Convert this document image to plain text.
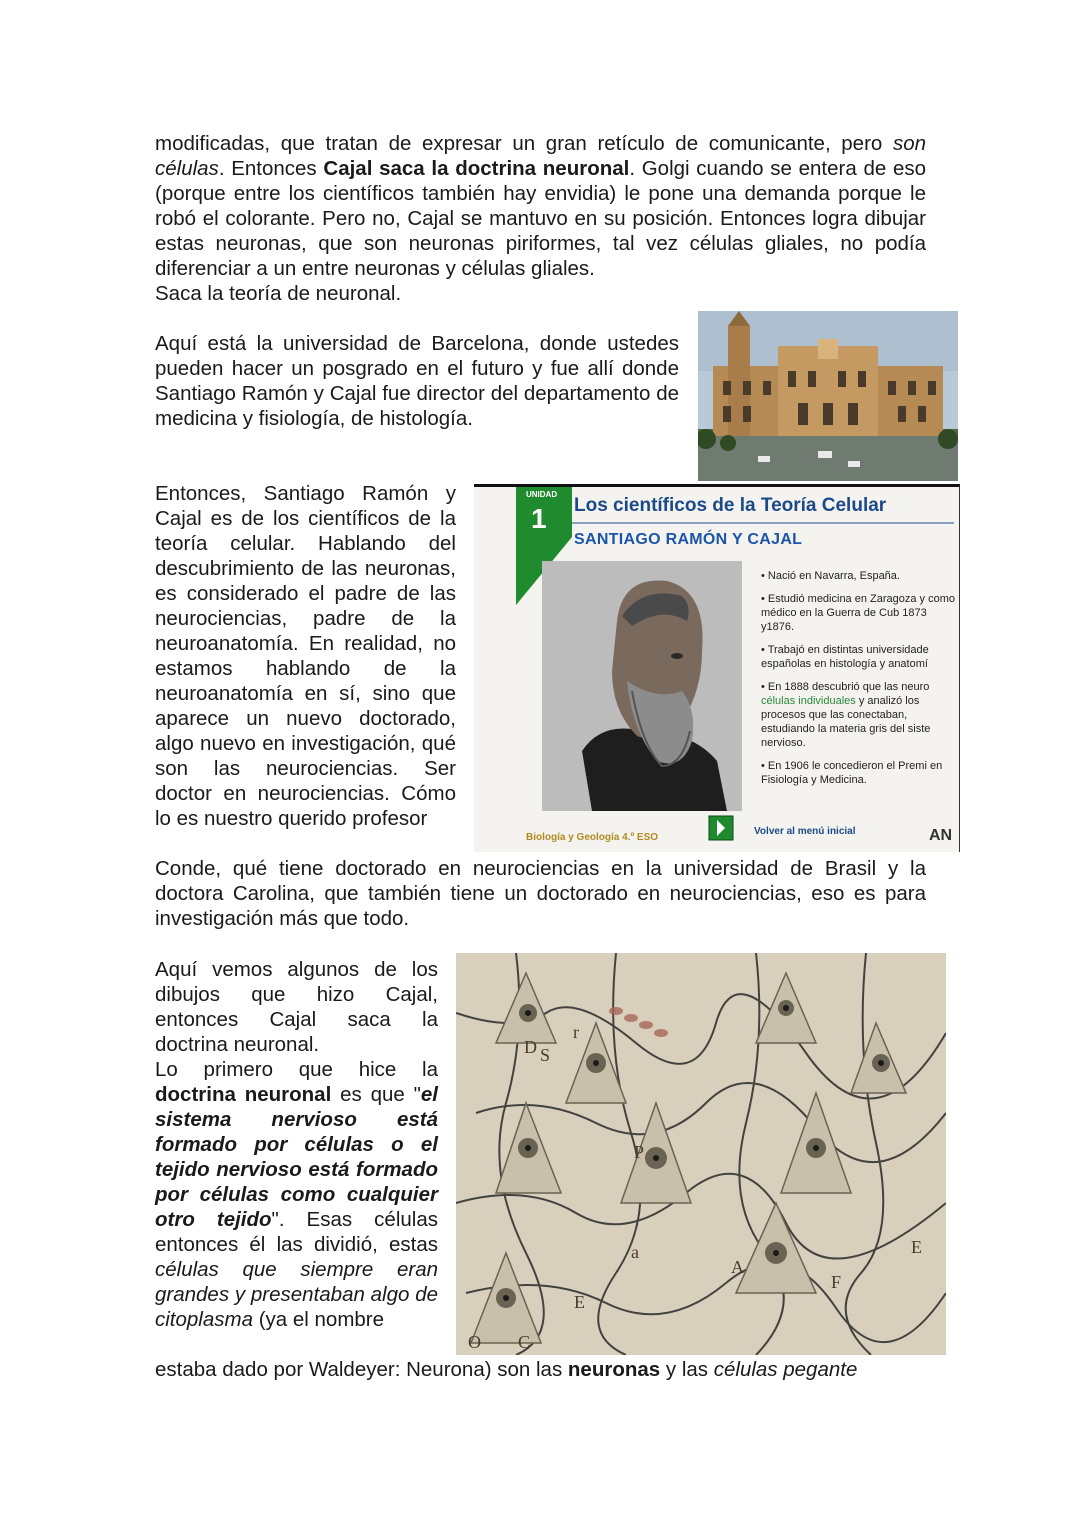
modificadas, que tratan de expresar un gran retículo de comunicante, pero son células. Entonces Cajal saca la doctrina neuronal. Golgi cuando se entera de eso (porque entre los científicos también hay envidia) le pone una demanda porque le robó el colorante. Pero no, Cajal se mantuvo en su posición. Entonces logra dibujar estas neuronas, que son neuronas piriformes, tal vez células gliales, no podía diferenciar a un entre neuronas y células gliales.
Saca la teoría de neuronal.

Aquí está la universidad de Barcelona, donde ustedes pueden hacer un posgrado en el futuro y fue allí donde Santiago Ramón y Cajal fue director del departamento de medicina y fisiología, de histología.

Entonces, Santiago Ramón y Cajal es de los científicos de la teoría celular. Hablando del descubrimiento de las neuronas, es considerado el padre de las neurociencias, padre de la neuroanatomía. En realidad, no estamos hablando de la neuroanatomía en sí, sino que aparece un nuevo doctorado, algo nuevo en investigación, qué son las neurociencias. Ser doctor en neurociencias. Cómo lo es nuestro querido profesor

Conde, qué tiene doctorado en neurociencias en la universidad de Brasil y la doctora Carolina, que también tiene un doctorado en neurociencias, eso es para investigación más que todo.

UNIDAD
1 Los científicos de la Teoría Celular
SANTIAGO RAMÓN Y CAJAL
• Nació en Navarra, España.
• Estudió medicina en Zaragoza y como médico en la Guerra de Cub 1873 y1876.
• Trabajó en distintas universidade españolas en histología y anatomí
• En 1888 descubrió que las neuro células individuales y analizó los procesos que las conectaban, estudiando la materia gris del siste nervioso.
• En 1906 le concedieron el Premi en Fisiología y Medicina.
Biología y Geología 4.º ESO
Volver al menú inicial	AN

Aquí vemos algunos de los dibujos que hizo Cajal, entonces Cajal saca la doctrina neuronal.
Lo primero que hice la doctrina neuronal es que "el sistema nervioso está formado por células o el tejido nervioso está formado por células como cualquier otro tejido". Esas células entonces él las dividió, estas células que siempre eran grandes y presentaban algo de citoplasma (ya el nombre

estaba dado por Waldeyer: Neurona) son las neuronas y las células pegante

D S
r
P
a
A
E
F
E
C
O
